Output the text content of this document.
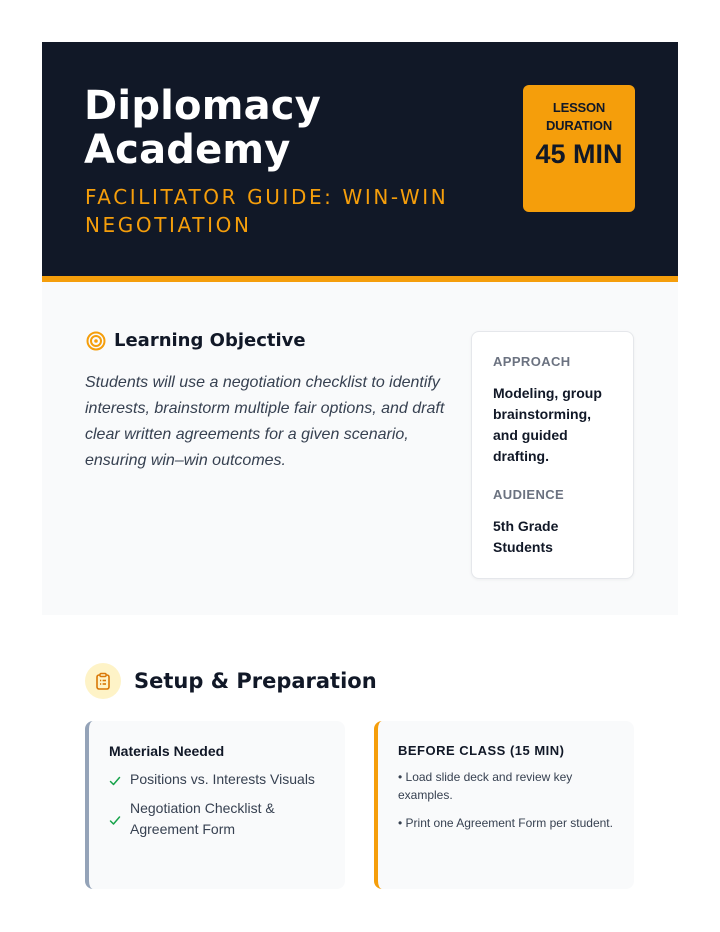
Diplomacy Academy
FACILITATOR GUIDE: WIN-WIN NEGOTIATION
LESSON DURATION
45 MIN
Learning Objective
Students will use a negotiation checklist to identify interests, brainstorm multiple fair options, and draft clear written agreements for a given scenario, ensuring win–win outcomes.
APPROACH
Modeling, group brainstorming, and guided drafting.
AUDIENCE
5th Grade Students
Setup & Preparation
Materials Needed
Positions vs. Interests Visuals
Negotiation Checklist & Agreement Form
BEFORE CLASS (15 MIN)
• Load slide deck and review key examples.
• Print one Agreement Form per student.
